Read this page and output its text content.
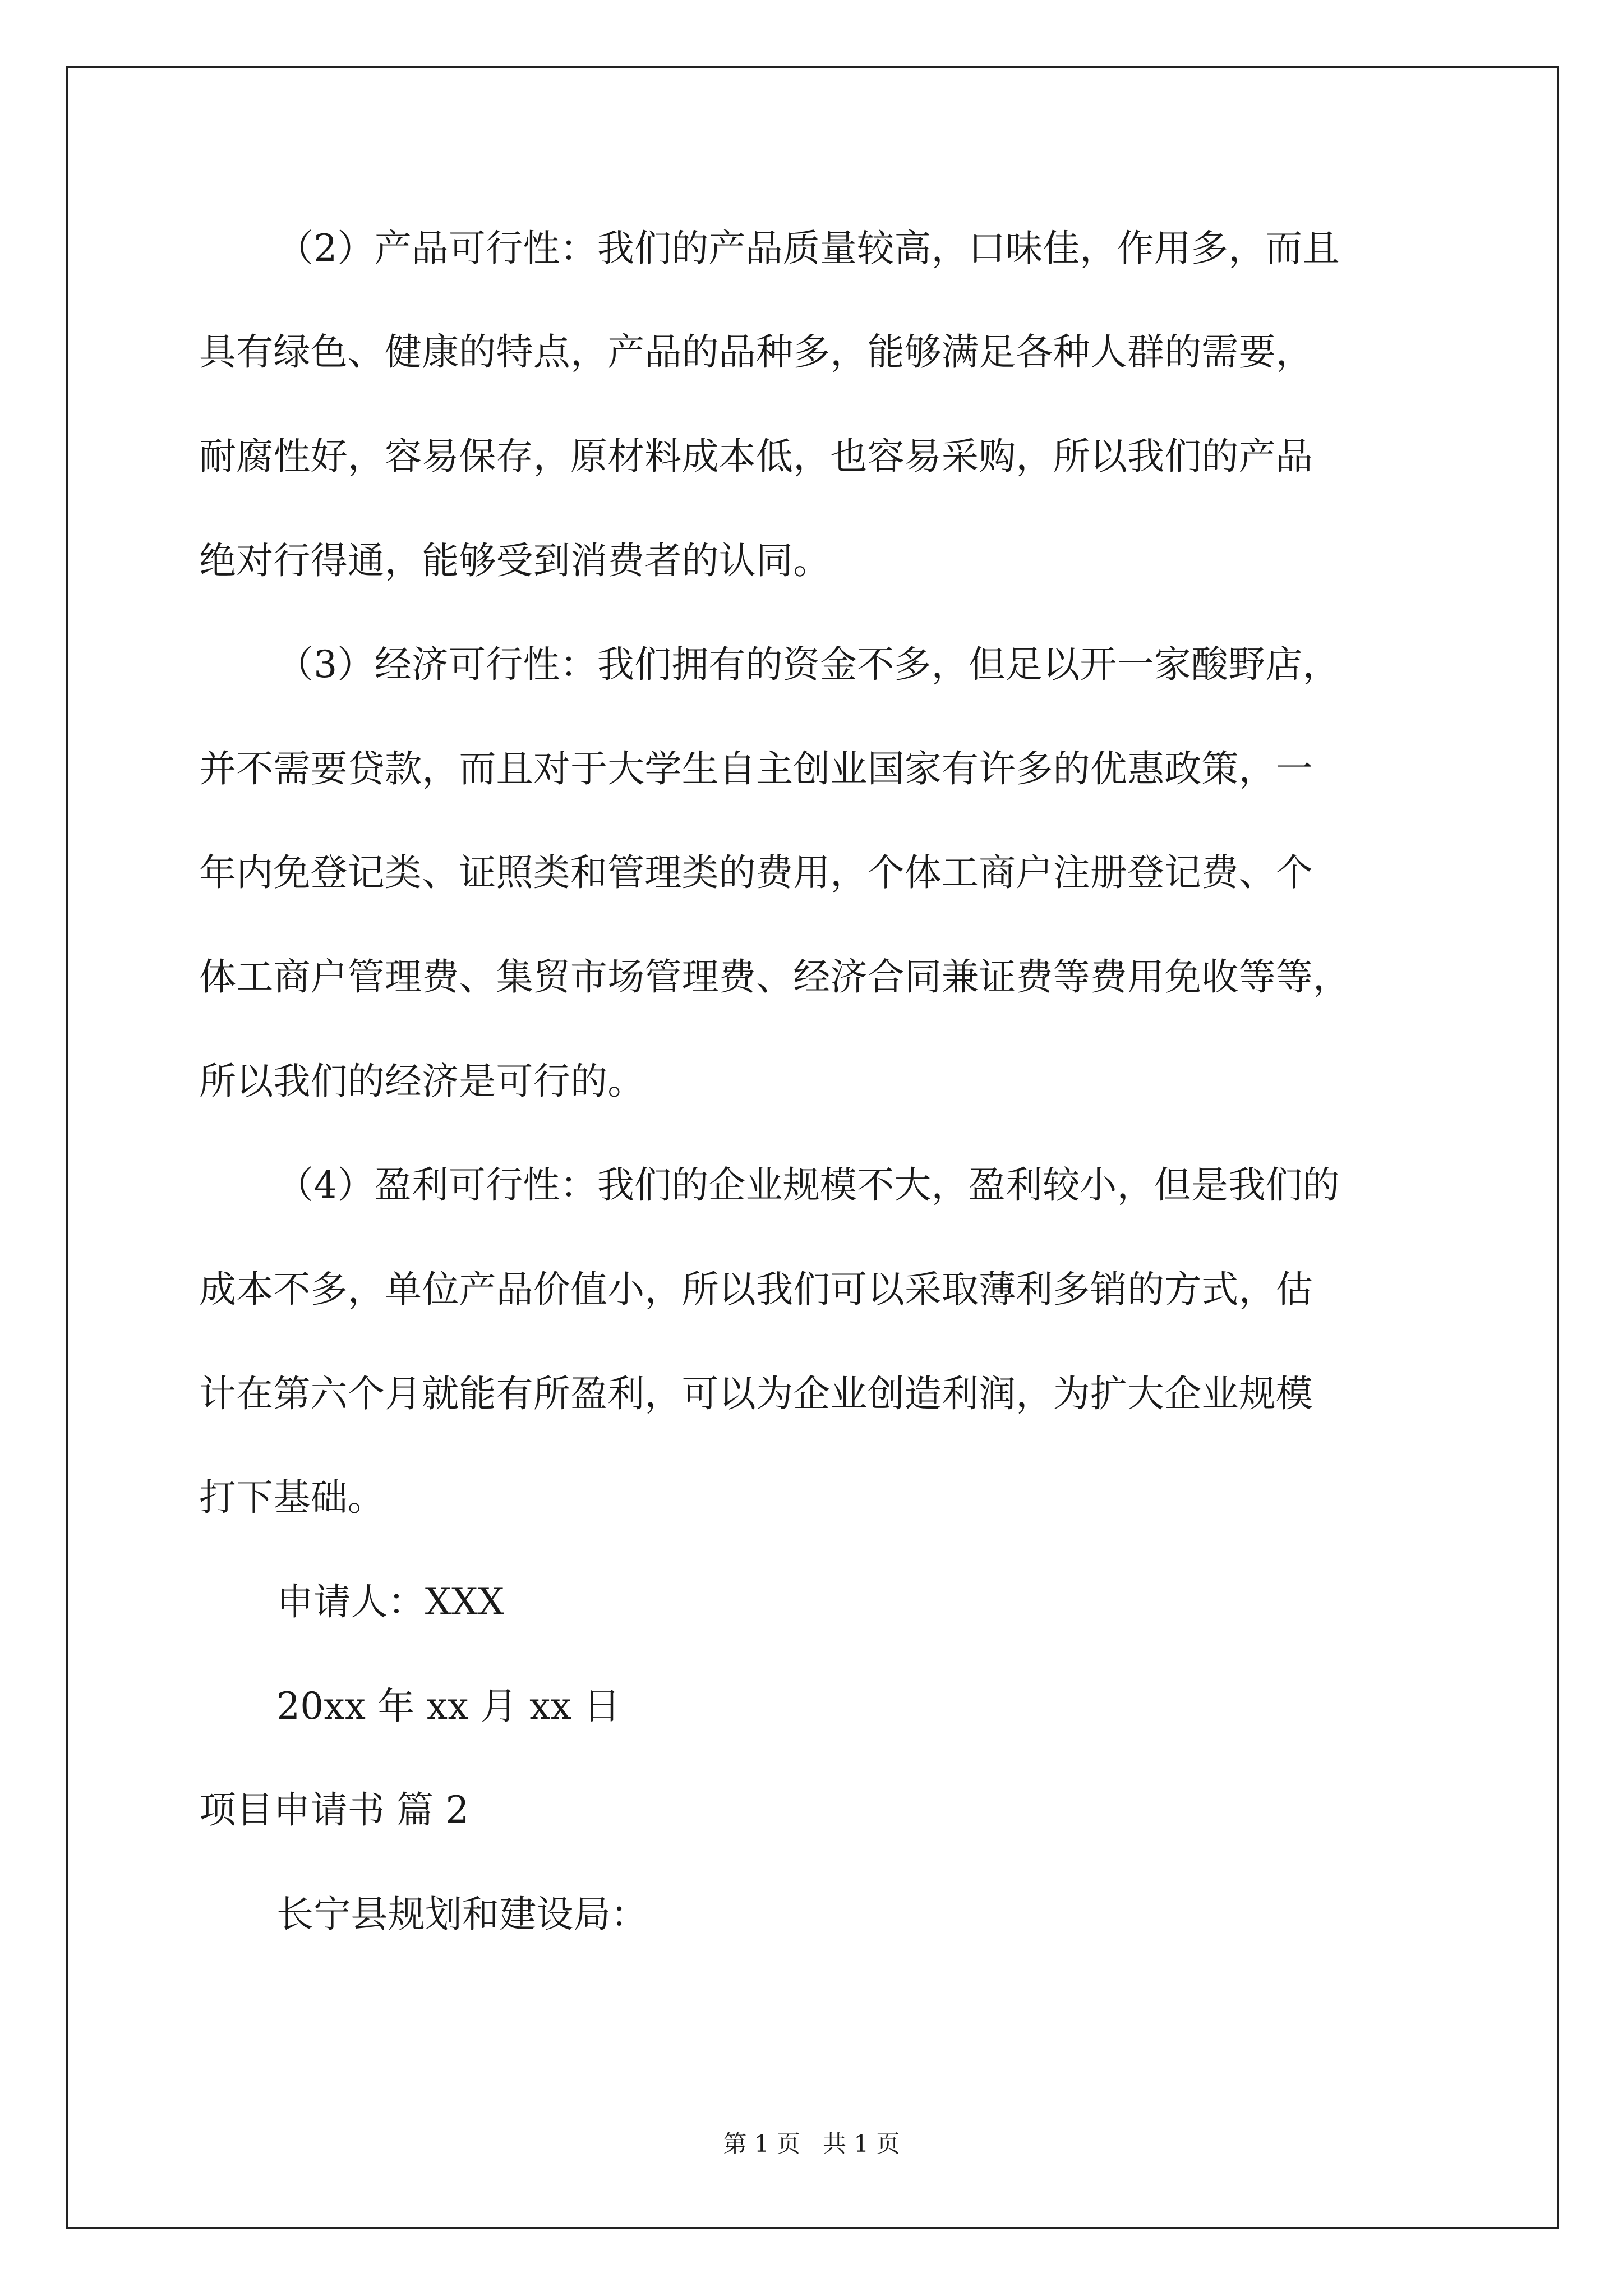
（2）产品可行性：我们的产品质量较高，口味佳，作用多，而且

具有绿色、健康的特点，产品的品种多，能够满足各种人群的需要，

耐腐性好，容易保存，原材料成本低，也容易采购，所以我们的产品

绝对行得通，能够受到消费者的认同。

（3）经济可行性：我们拥有的资金不多，但足以开一家酸野店，

并不需要贷款，而且对于大学生自主创业国家有许多的优惠政策，一

年内免登记类、证照类和管理类的费用，个体工商户注册登记费、个

体工商户管理费、集贸市场管理费、经济合同兼证费等费用免收等等，

所以我们的经济是可行的。

（4）盈利可行性：我们的企业规模不大，盈利较小，但是我们的

成本不多，单位产品价值小，所以我们可以采取薄利多销的方式，估

计在第六个月就能有所盈利，可以为企业创造利润，为扩大企业规模

打下基础。

申请人：XXX

20xx 年 xx 月 xx 日

项目申请书 篇 2

长宁县规划和建设局：

第 1 页   共 1 页
